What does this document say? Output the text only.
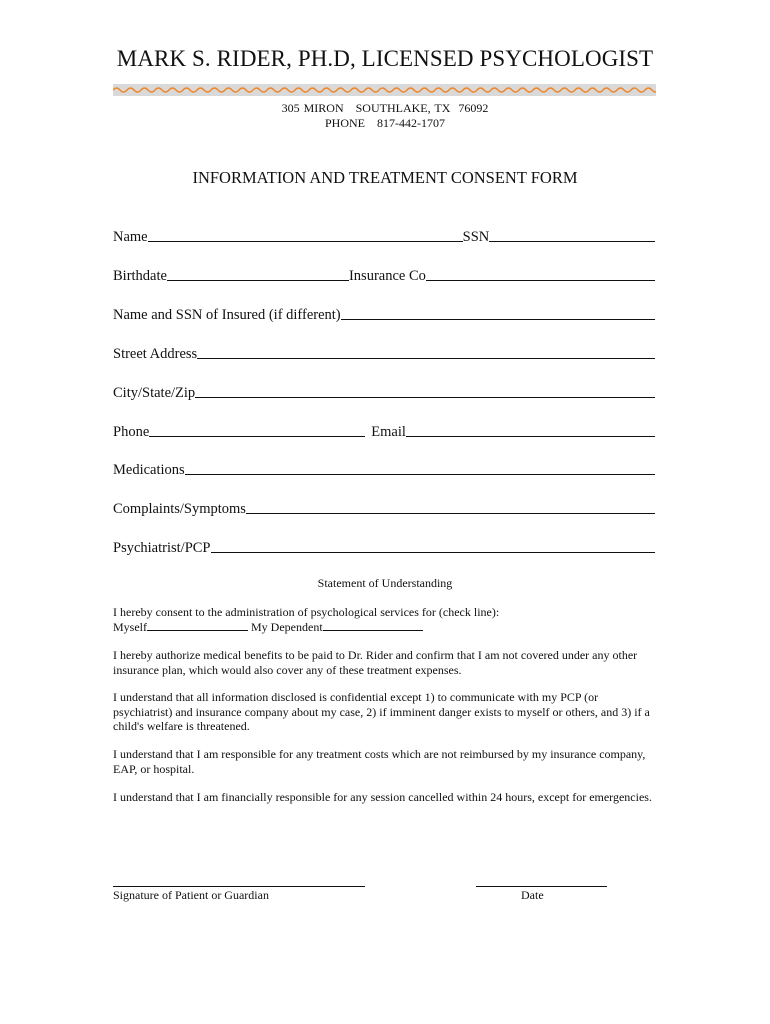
MARK S. RIDER, PH.D, LICENSED PSYCHOLOGIST
305 MIRON   SOUTHLAKE, TX  76092
PHONE   817-442-1707
INFORMATION AND TREATMENT CONSENT FORM
Name	SSN
Birthdate	Insurance Co
Name and SSN of Insured (if different)
Street Address
City/State/Zip
Phone	Email
Medications
Complaints/Symptoms
Psychiatrist/PCP
Statement of Understanding
I hereby consent to the administration of psychological services for (check line):
Myself	My Dependent
I hereby authorize medical benefits to be paid to Dr. Rider and confirm that I am not covered under any other insurance plan, which would also cover any of these treatment expenses.
I understand that all information disclosed is confidential except 1) to communicate with my PCP (or psychiatrist) and insurance company about my case, 2) if imminent danger exists to myself or others, and 3) if a child's welfare is threatened.
I understand that I am responsible for any treatment costs which are not reimbursed by my insurance company, EAP, or hospital.
I understand that I am financially responsible for any session cancelled within 24 hours, except for emergencies.
Signature of Patient or Guardian	Date
